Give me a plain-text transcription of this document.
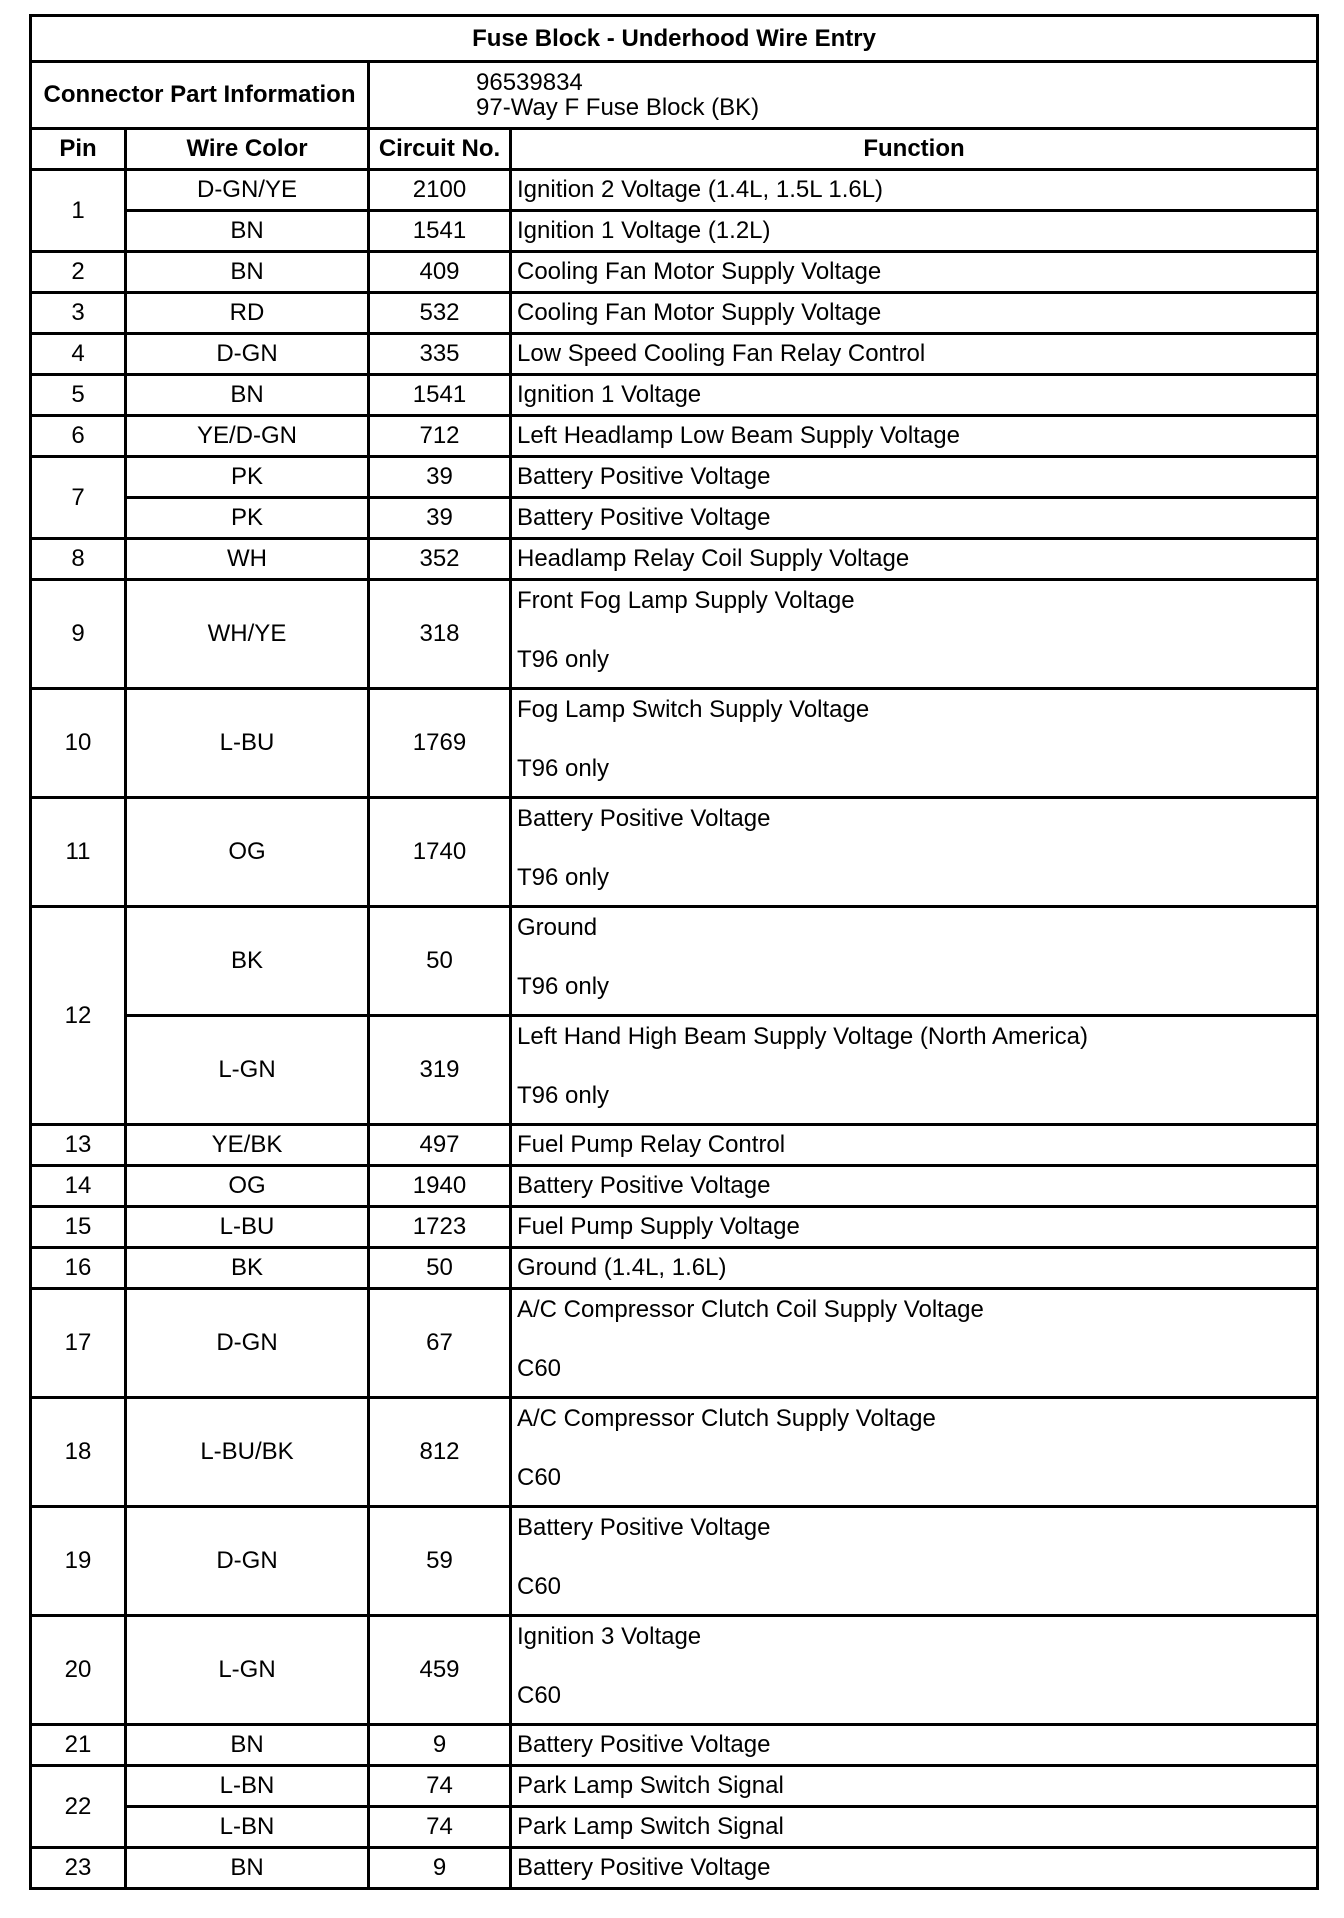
Fuse Block - Underhood Wire Entry			
Connector Part Information		96539834
97-Way F Fuse Block (BK)	

Pin	Wire Color	Circuit No.	Function
1	D-GN/YE	2100	Ignition 2 Voltage (1.4L, 1.5L 1.6L)
	BN	1541	Ignition 1 Voltage (1.2L)
2	BN	409	Cooling Fan Motor Supply Voltage
3	RD	532	Cooling Fan Motor Supply Voltage
4	D-GN	335	Low Speed Cooling Fan Relay Control
5	BN	1541	Ignition 1 Voltage
6	YE/D-GN	712	Left Headlamp Low Beam Supply Voltage
7	PK	39	Battery Positive Voltage
	PK	39	Battery Positive Voltage
8	WH	352	Headlamp Relay Coil Supply Voltage
9	WH/YE	318	Front Fog Lamp Supply Voltage
T96 only

10	L-BU	1769	Fog Lamp Switch Supply Voltage
T96 only

11	OG	1740	Battery Positive Voltage
T96 only

12	BK	50	Ground
T96 only

	L-GN	319	Left Hand High Beam Supply Voltage (North America)
T96 only

13	YE/BK	497	Fuel Pump Relay Control
14	OG	1940	Battery Positive Voltage
15	L-BU	1723	Fuel Pump Supply Voltage
16	BK	50	Ground (1.4L, 1.6L)
17	D-GN	67	A/C Compressor Clutch Coil Supply Voltage
C60

18	L-BU/BK	812	A/C Compressor Clutch Supply Voltage
C60

19	D-GN	59	Battery Positive Voltage
C60

20	L-GN	459	Ignition 3 Voltage
C60

21	BN	9	Battery Positive Voltage
22	L-BN	74	Park Lamp Switch Signal
	L-BN	74	Park Lamp Switch Signal
23	BN	9	Battery Positive Voltage
